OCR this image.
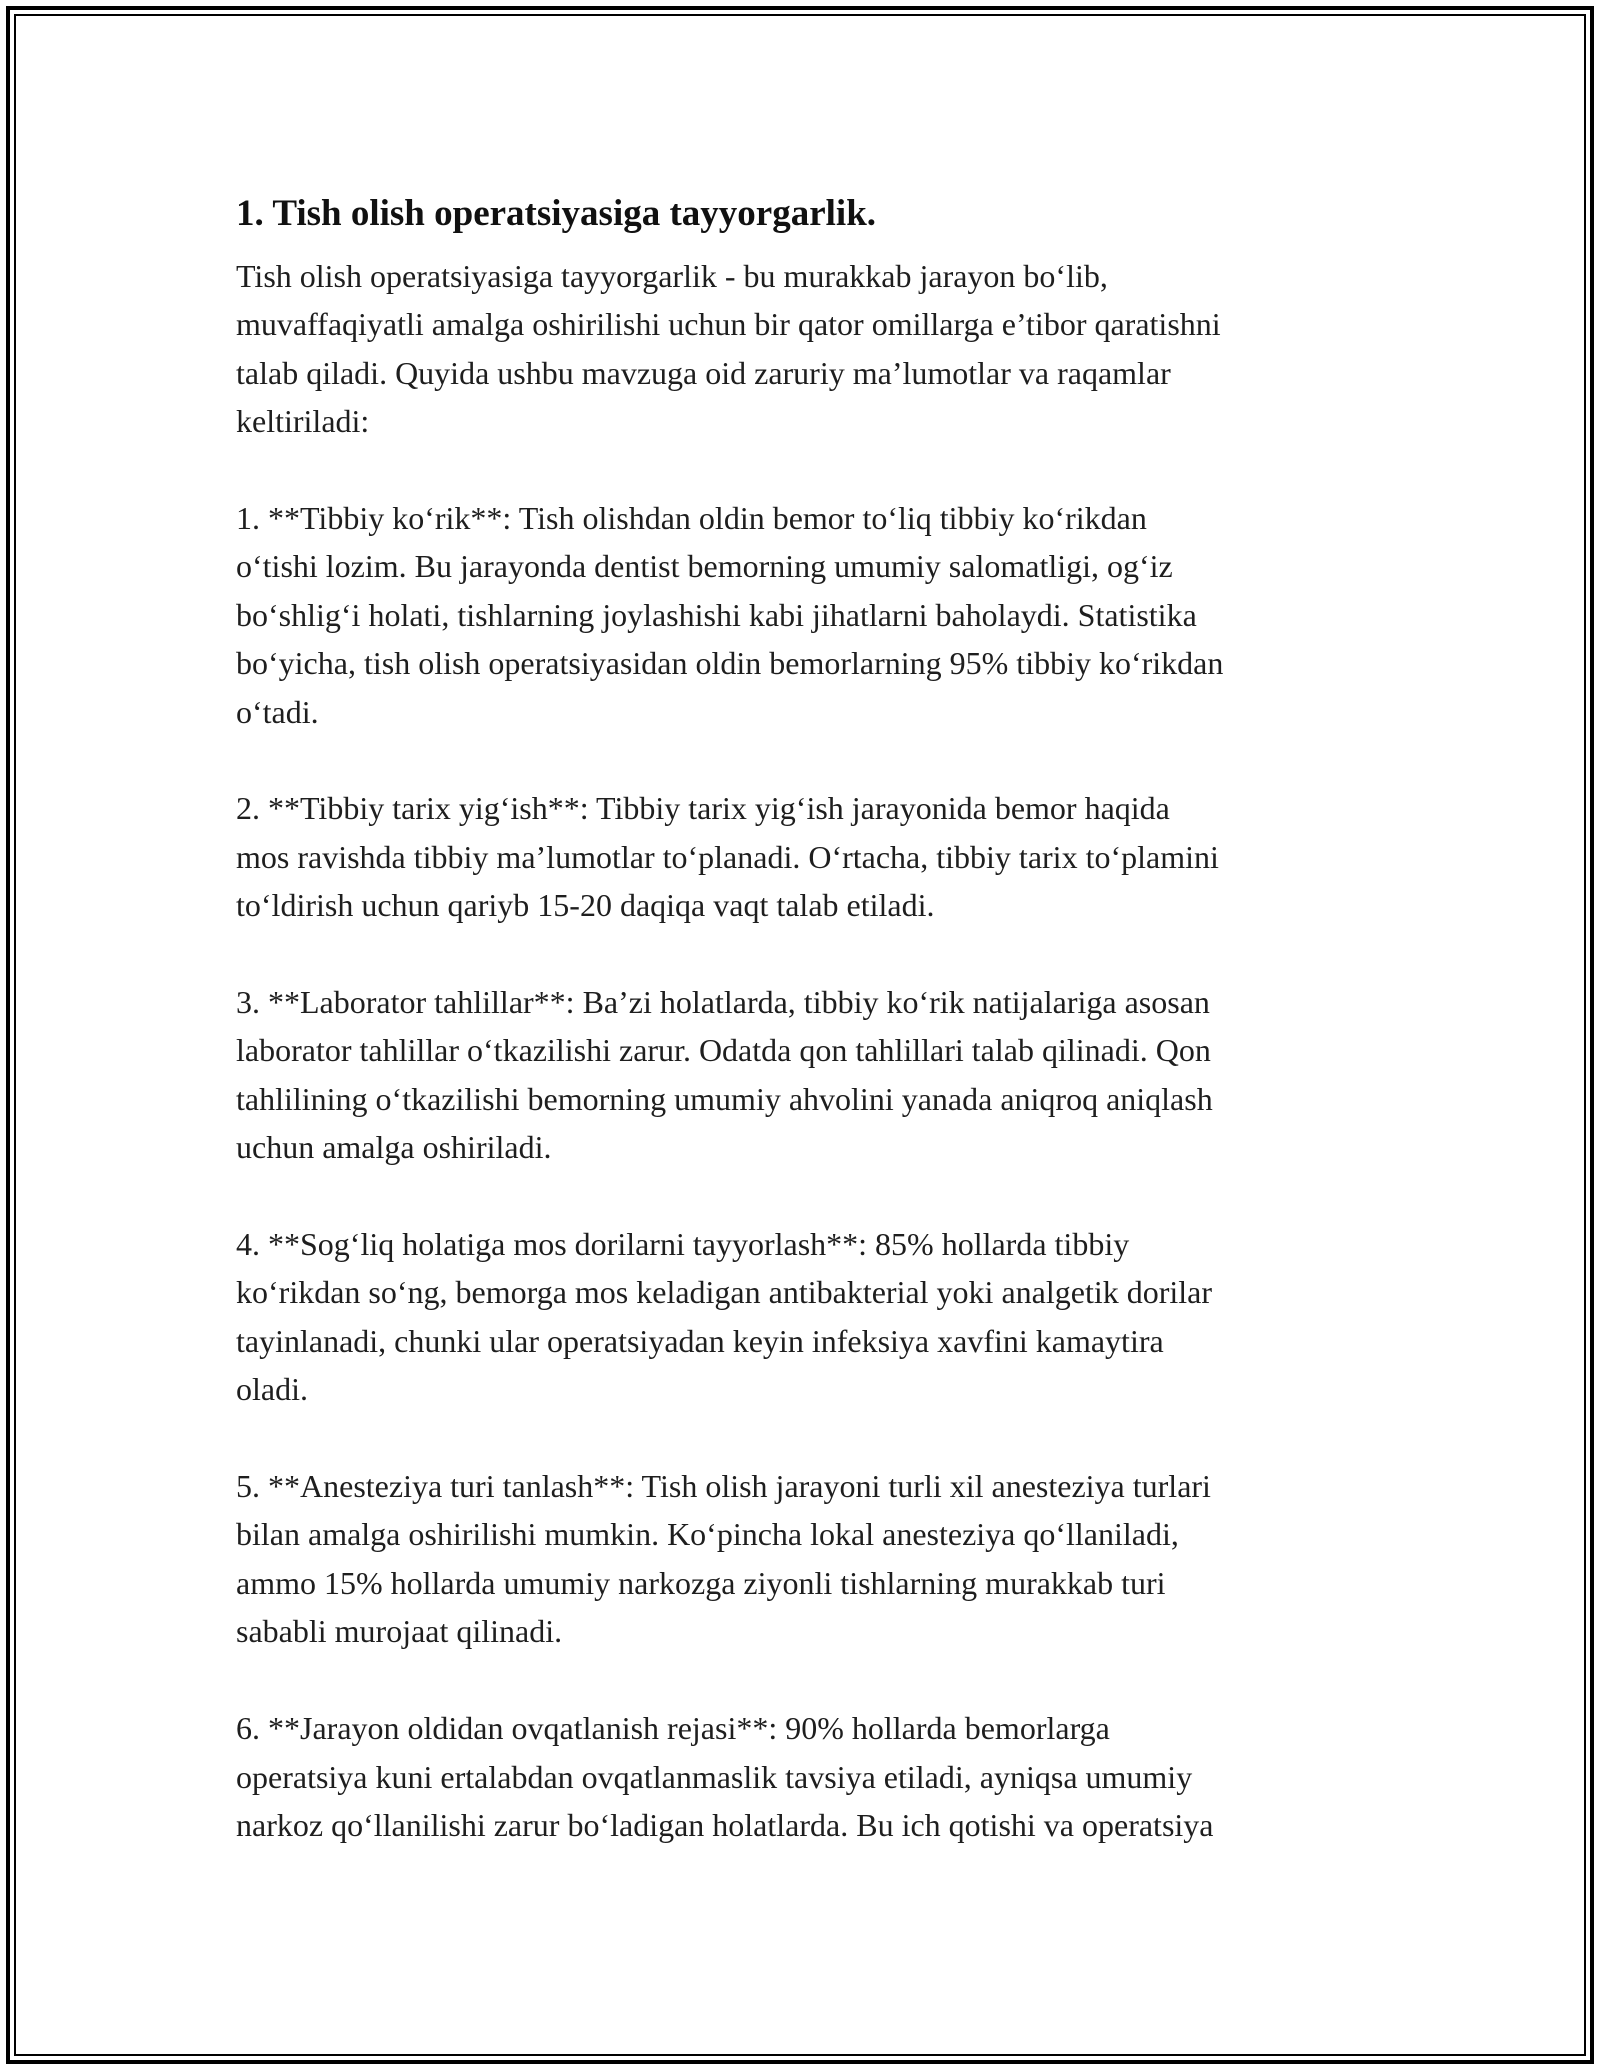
1. Tish olish operatsiyasiga tayyorgarlik.

Tish olish operatsiyasiga tayyorgarlik - bu murakkab jarayon bo‘lib,
muvaffaqiyatli amalga oshirilishi uchun bir qator omillarga e’tibor qaratishni
talab qiladi. Quyida ushbu mavzuga oid zaruriy ma’lumotlar va raqamlar
keltiriladi:

1. **Tibbiy ko‘rik**: Tish olishdan oldin bemor to‘liq tibbiy ko‘rikdan
o‘tishi lozim. Bu jarayonda dentist bemorning umumiy salomatligi, og‘iz
bo‘shlig‘i holati, tishlarning joylashishi kabi jihatlarni baholaydi. Statistika
bo‘yicha, tish olish operatsiyasidan oldin bemorlarning 95% tibbiy ko‘rikdan
o‘tadi.

2. **Tibbiy tarix yig‘ish**: Tibbiy tarix yig‘ish jarayonida bemor haqida
mos ravishda tibbiy ma’lumotlar to‘planadi. O‘rtacha, tibbiy tarix to‘plamini
to‘ldirish uchun qariyb 15-20 daqiqa vaqt talab etiladi.

3. **Laborator tahlillar**: Ba’zi holatlarda, tibbiy ko‘rik natijalariga asosan
laborator tahlillar o‘tkazilishi zarur. Odatda qon tahlillari talab qilinadi. Qon
tahlilining o‘tkazilishi bemorning umumiy ahvolini yanada aniqroq aniqlash
uchun amalga oshiriladi.

4. **Sog‘liq holatiga mos dorilarni tayyorlash**: 85% hollarda tibbiy
ko‘rikdan so‘ng, bemorga mos keladigan antibakterial yoki analgetik dorilar
tayinlanadi, chunki ular operatsiyadan keyin infeksiya xavfini kamaytira
oladi.

5. **Anesteziya turi tanlash**: Tish olish jarayoni turli xil anesteziya turlari
bilan amalga oshirilishi mumkin. Ko‘pincha lokal anesteziya qo‘llaniladi,
ammo 15% hollarda umumiy narkozga ziyonli tishlarning murakkab turi
sababli murojaat qilinadi.

6. **Jarayon oldidan ovqatlanish rejasi**: 90% hollarda bemorlarga
operatsiya kuni ertalabdan ovqatlanmaslik tavsiya etiladi, ayniqsa umumiy
narkoz qo‘llanilishi zarur bo‘ladigan holatlarda. Bu ich qotishi va operatsiya
